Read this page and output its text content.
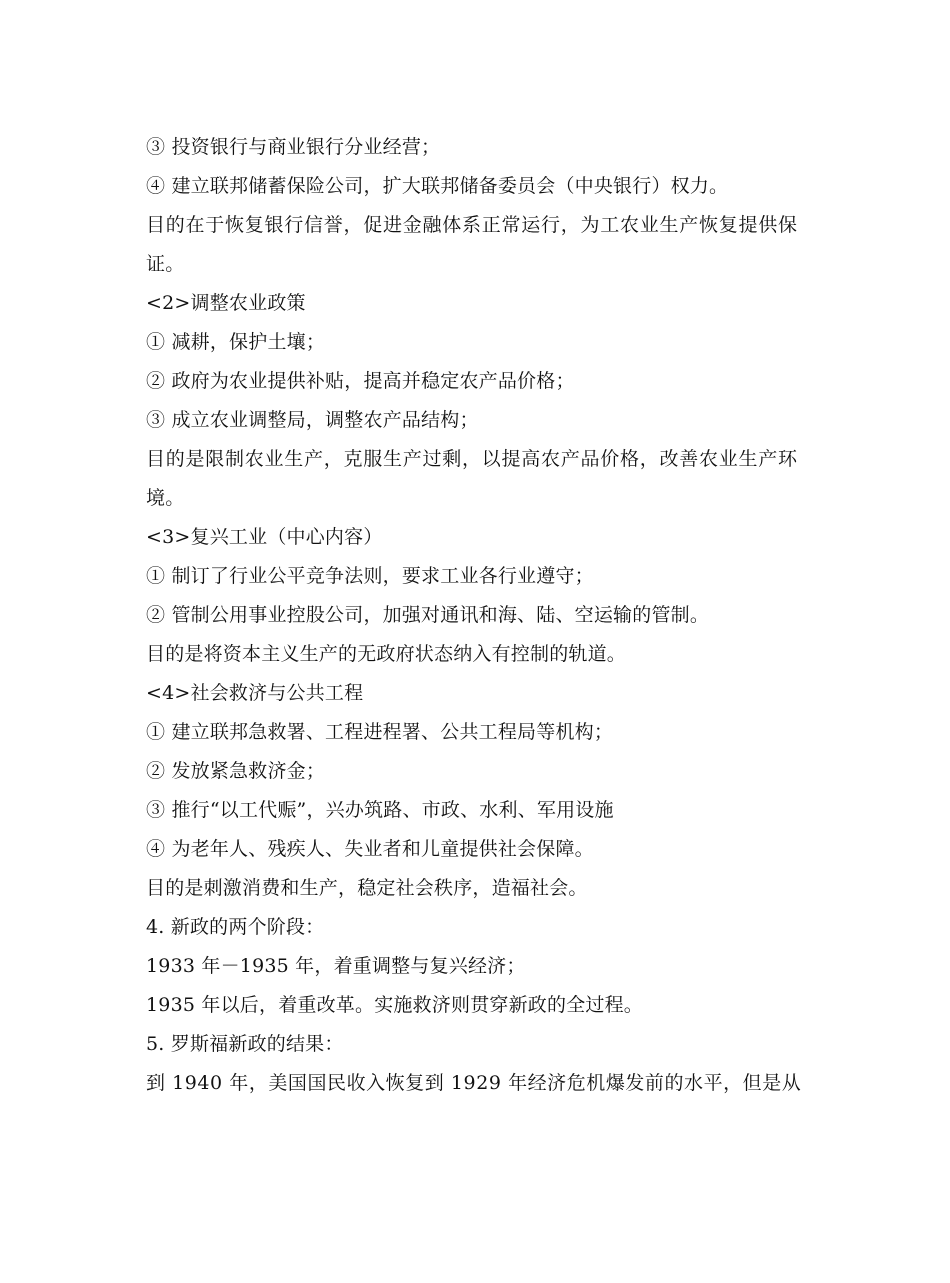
③ 投资银行与商业银行分业经营；
④ 建立联邦储蓄保险公司，扩大联邦储备委员会（中央银行）权力。
目的在于恢复银行信誉，促进金融体系正常运行，为工农业生产恢复提供保
证。
<2>调整农业政策
① 减耕，保护土壤；
② 政府为农业提供补贴，提高并稳定农产品价格；
③ 成立农业调整局，调整农产品结构；
目的是限制农业生产，克服生产过剩，以提高农产品价格，改善农业生产环
境。
<3>复兴工业（中心内容）
① 制订了行业公平竞争法则，要求工业各行业遵守；
② 管制公用事业控股公司，加强对通讯和海、陆、空运输的管制。
目的是将资本主义生产的无政府状态纳入有控制的轨道。
<4>社会救济与公共工程
① 建立联邦急救署、工程进程署、公共工程局等机构；
② 发放紧急救济金；
③ 推行“以工代赈”，兴办筑路、市政、水利、军用设施
④ 为老年人、残疾人、失业者和儿童提供社会保障。
目的是刺激消费和生产，稳定社会秩序，造福社会。
4. 新政的两个阶段：
1933 年－1935 年，着重调整与复兴经济；
1935 年以后，着重改革。实施救济则贯穿新政的全过程。
5. 罗斯福新政的结果：
到 1940 年，美国国民收入恢复到 1929 年经济危机爆发前的水平，但是从
